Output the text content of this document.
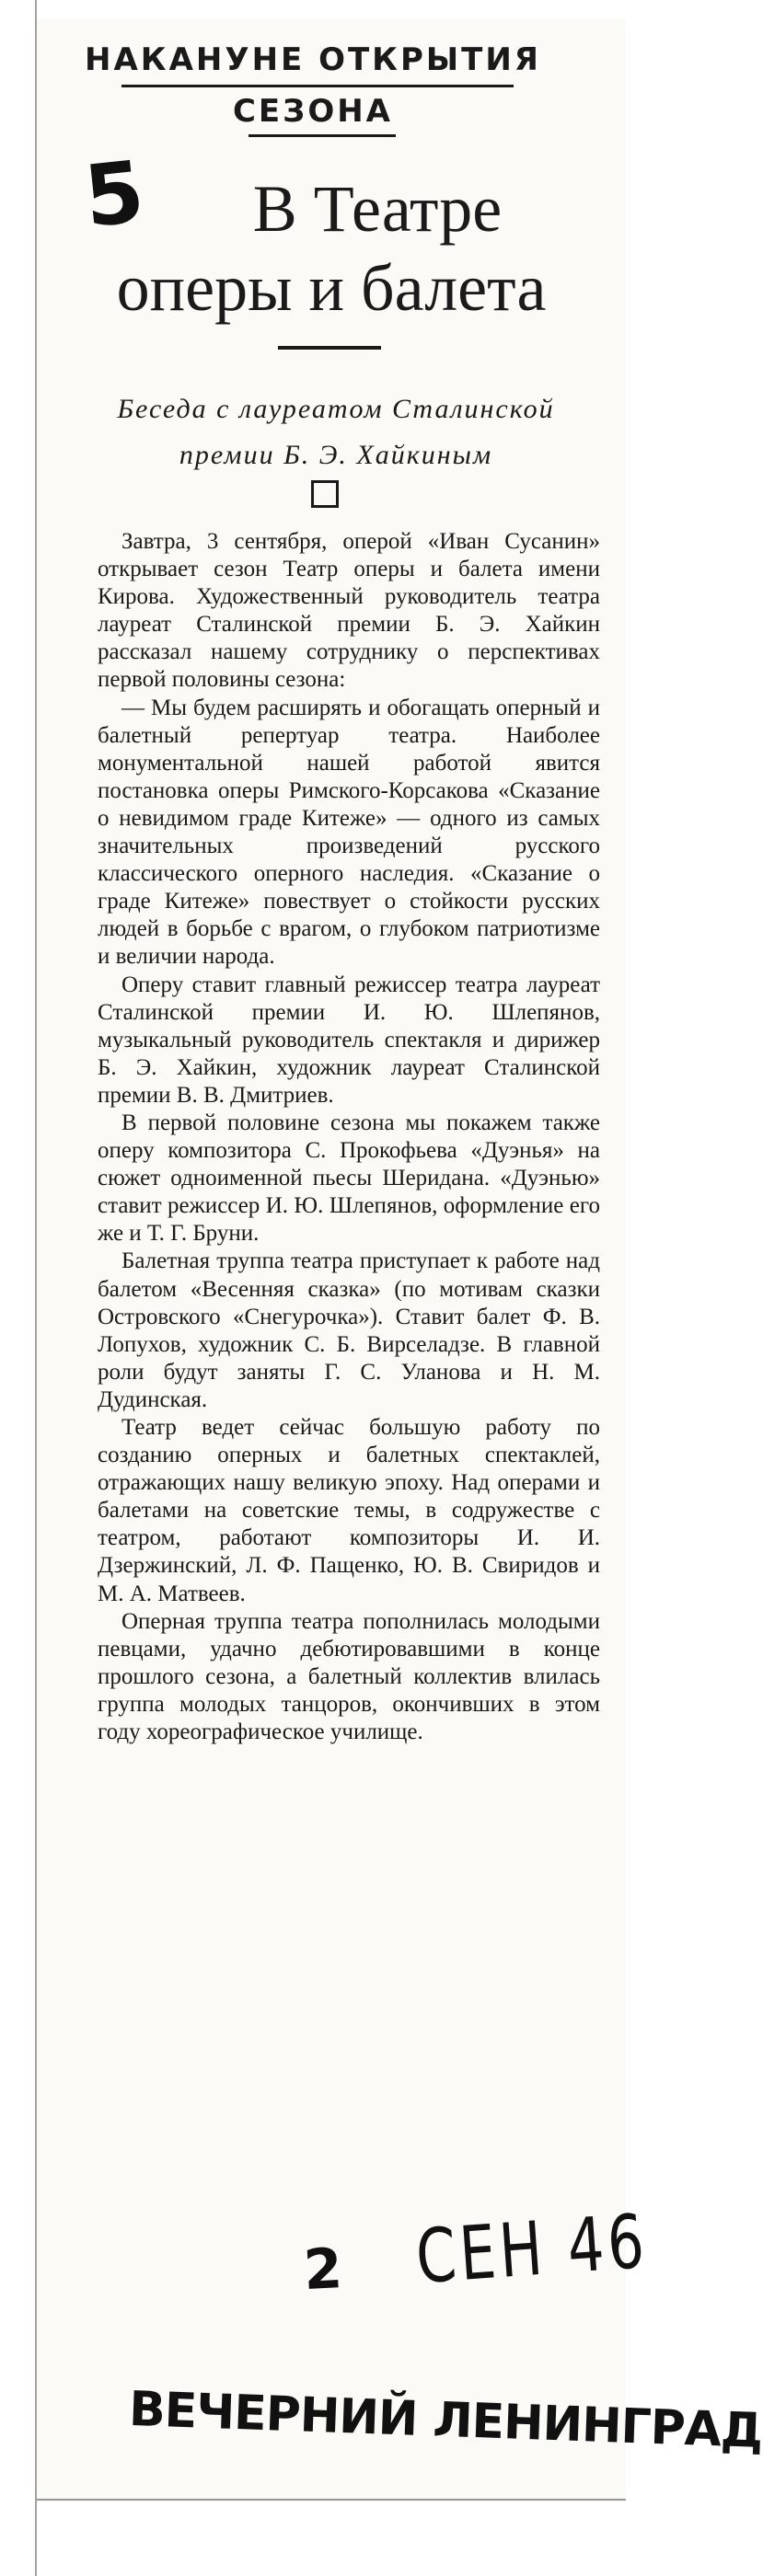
НАКАНУНЕ ОТКРЫТИЯ
СЕЗОНА
5	В Театре
оперы и балета
Беседа с лауреатом Сталинской
премии Б. Э. Хайкиным

Завтра, 3 сентября, оперой «Иван Сусанин» открывает сезон Театр оперы и балета имени Кирова. Художественный руководитель театра лауреат Сталинской премии Б. Э. Хайкин рассказал нашему сотруднику о перспективах первой половины сезона:

— Мы будем расширять и обогащать оперный и балетный репертуар театра. Наиболее монументальной нашей работой явится постановка оперы Римского-Корсакова «Сказание о невидимом граде Китеже» — одного из самых значительных произведений русского классического оперного наследия. «Сказание о граде Китеже» повествует о стойкости русских людей в борьбе с врагом, о глубоком патриотизме и величии народа.

Оперу ставит главный режиссер театра лауреат Сталинской премии И. Ю. Шлепянов, музыкальный руководитель спектакля и дирижер Б. Э. Хайкин, художник лауреат Сталинской премии В. В. Дмитриев.

В первой половине сезона мы покажем также оперу композитора С. Прокофьева «Дуэнья» на сюжет одноименной пьесы Шеридана. «Дуэнью» ставит режиссер И. Ю. Шлепянов, оформление его же и Т. Г. Бруни.

Балетная труппа театра приступает к работе над балетом «Весенняя сказка» (по мотивам сказки Островского «Снегурочка»). Ставит балет Ф. В. Лопухов, художник С. Б. Вирселадзе. В главной роли будут заняты Г. С. Уланова и Н. М. Дудинская.

Театр ведет сейчас большую работу по созданию оперных и балетных спектаклей, отражающих нашу великую эпоху. Над операми и балетами на советские темы, в содружестве с театром, работают композиторы И. И. Дзержинский, Л. Ф. Пащенко, Ю. В. Свиридов и М. А. Матвеев.

Оперная труппа театра пополнилась молодыми певцами, удачно дебютировавшими в конце прошлого сезона, а балетный коллектив влилась группа молодых танцоров, окончивших в этом году хореографическое училище.

2 СЕН 46
ВЕЧЕРНИЙ ЛЕНИНГРАД
